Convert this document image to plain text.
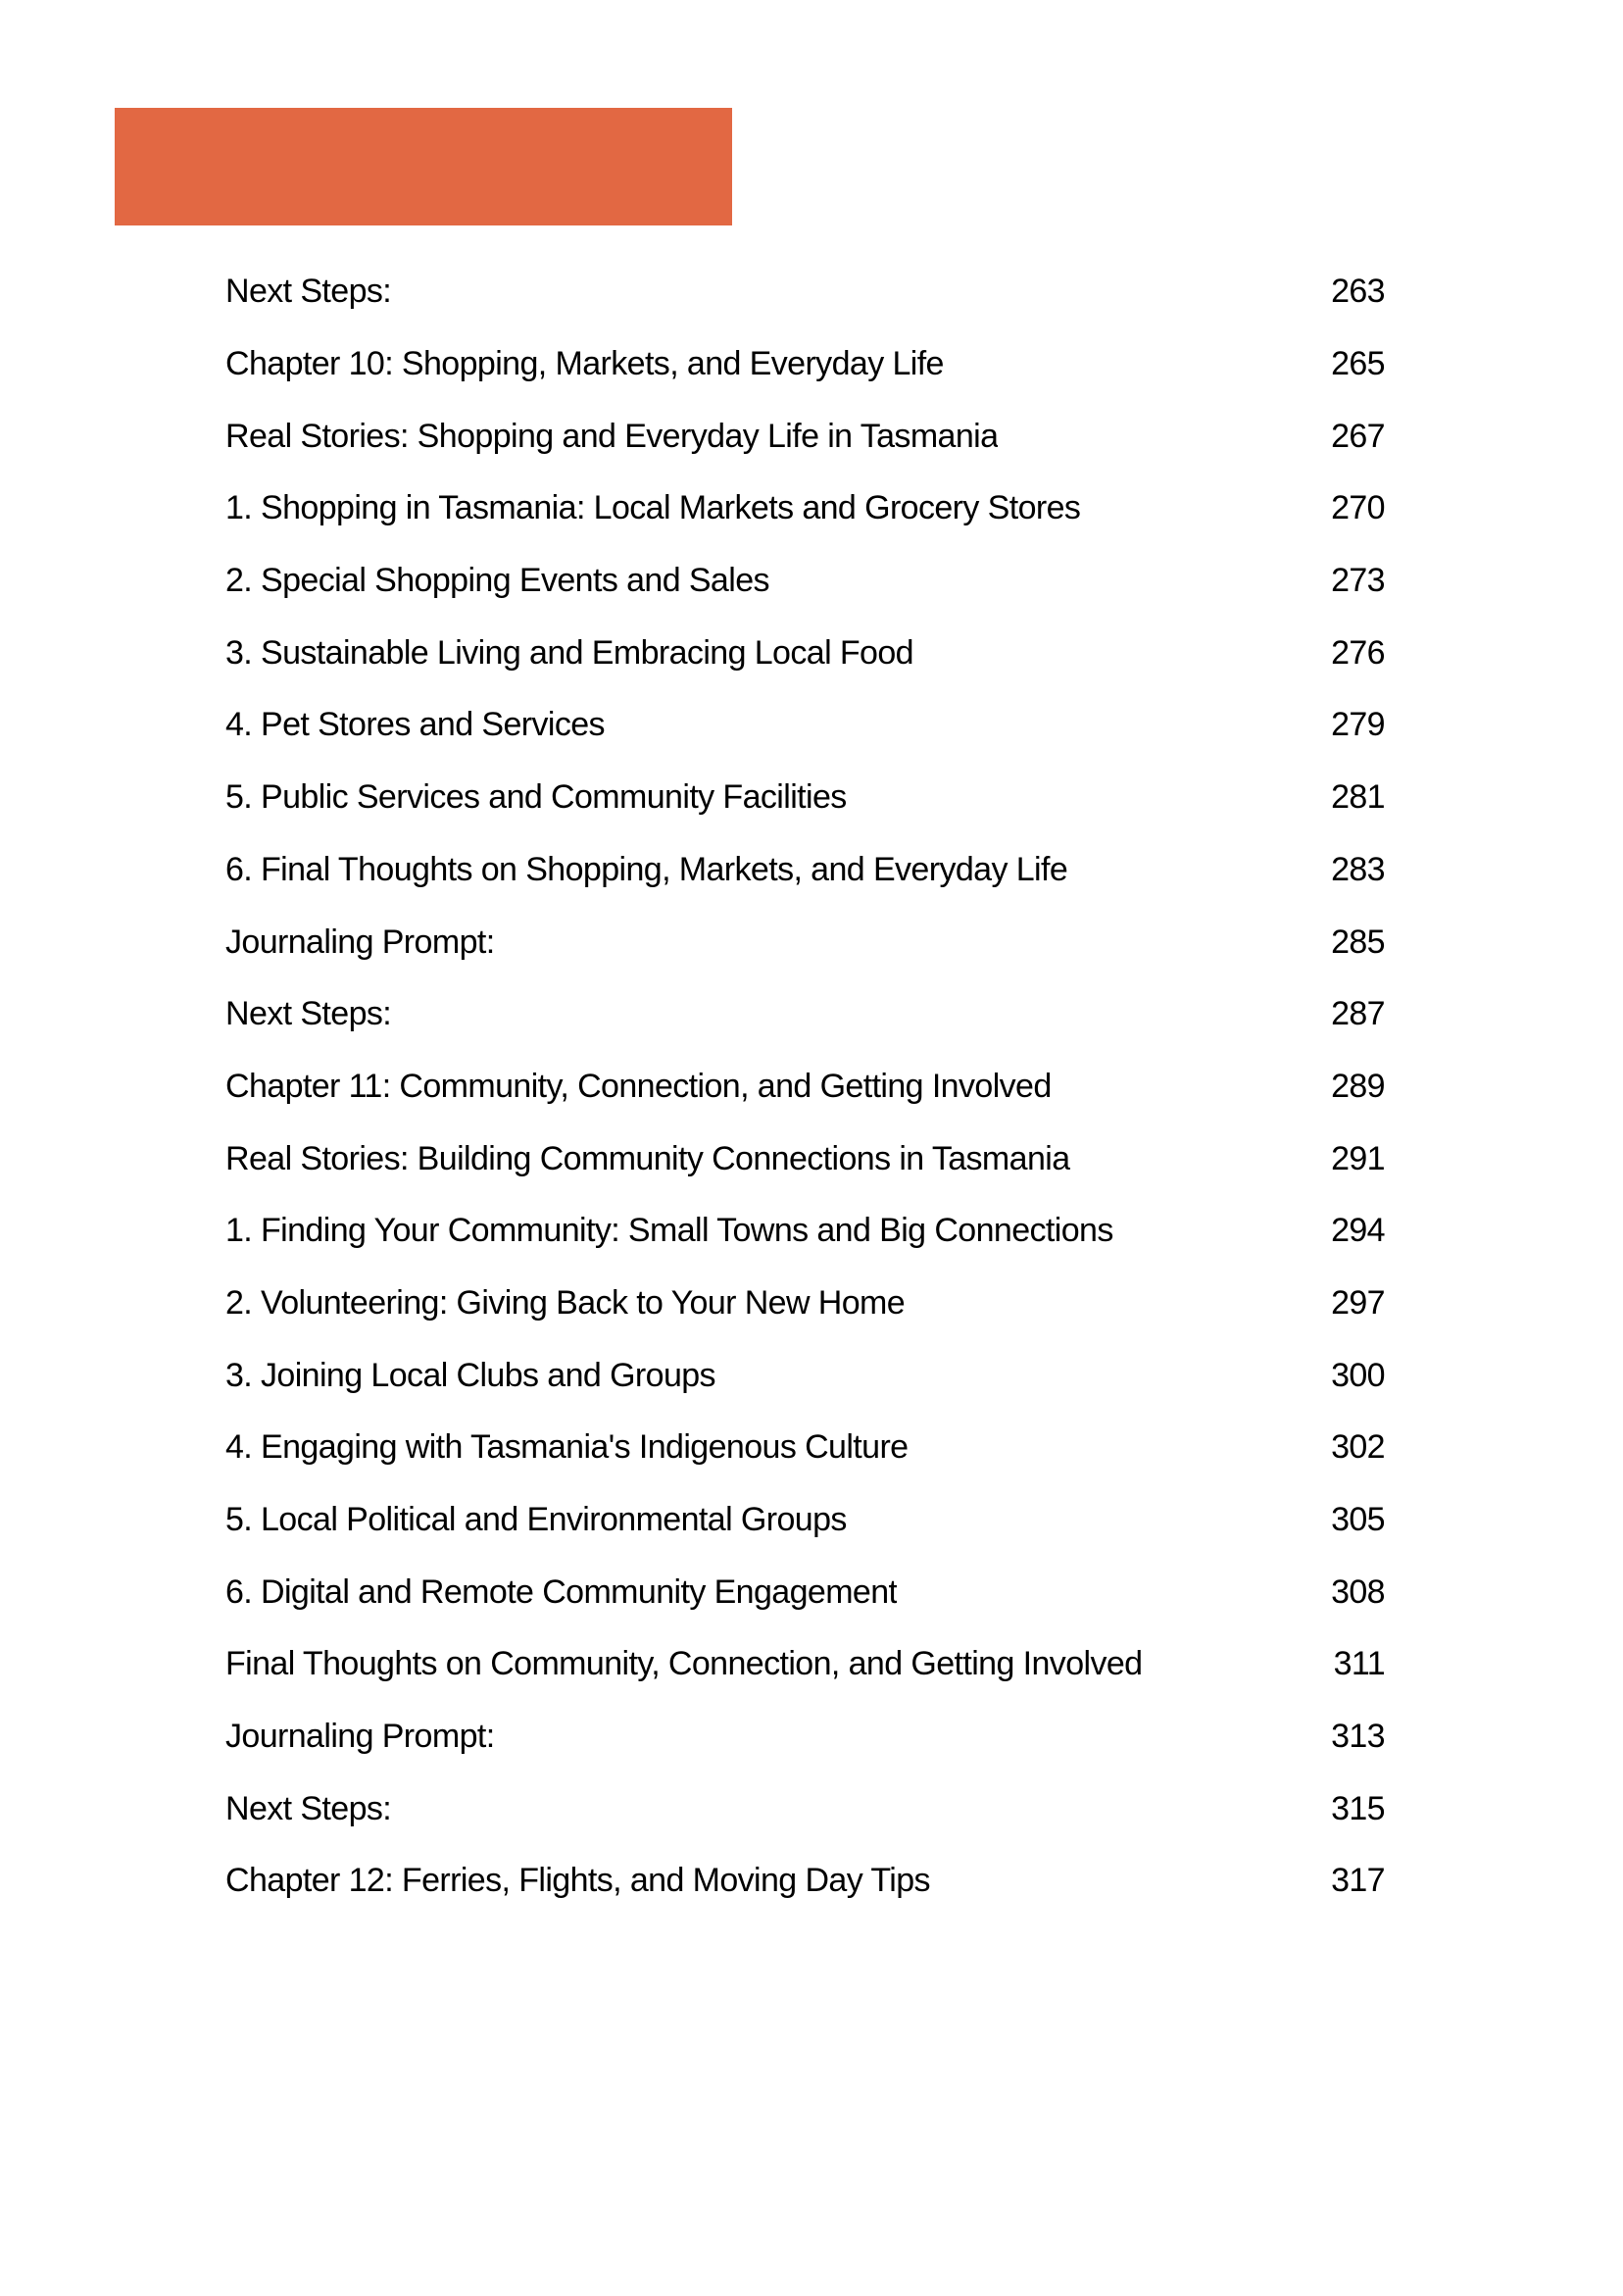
Next Steps:	263
Chapter 10: Shopping, Markets, and Everyday Life	265
Real Stories: Shopping and Everyday Life in Tasmania	267
1. Shopping in Tasmania: Local Markets and Grocery Stores	270
2. Special Shopping Events and Sales	273
3. Sustainable Living and Embracing Local Food	276
4. Pet Stores and Services	279
5. Public Services and Community Facilities	281
6. Final Thoughts on Shopping, Markets, and Everyday Life	283
Journaling Prompt:	285
Next Steps:	287
Chapter 11: Community, Connection, and Getting Involved	289
Real Stories: Building Community Connections in Tasmania	291
1. Finding Your Community: Small Towns and Big Connections	294
2. Volunteering: Giving Back to Your New Home	297
3. Joining Local Clubs and Groups	300
4. Engaging with Tasmania's Indigenous Culture	302
5. Local Political and Environmental Groups	305
6. Digital and Remote Community Engagement	308
Final Thoughts on Community, Connection, and Getting Involved	311
Journaling Prompt:	313
Next Steps:	315
Chapter 12: Ferries, Flights, and Moving Day Tips	317
